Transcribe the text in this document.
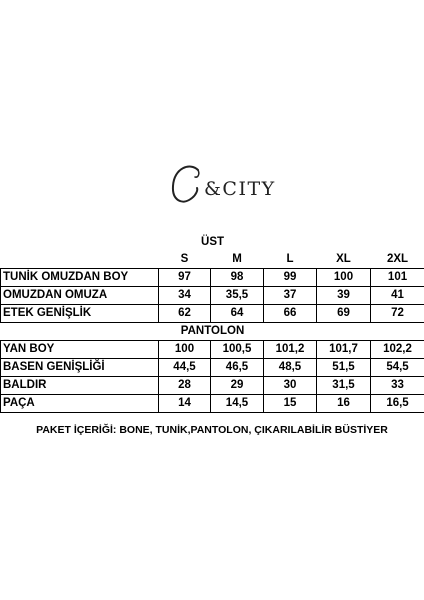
&CITY
ÜST					
	S	M	L	XL	2XL
TUNİK OMUZDAN BOY	97	98	99	100	101
OMUZDAN OMUZA	34	35,5	37	39	41
ETEK GENİŞLİK	62	64	66	69	72
PANTOLON					
YAN BOY	100	100,5	101,2	101,7	102,2
BASEN GENİŞLİĞİ	44,5	46,5	48,5	51,5	54,5
BALDIR	28	29	30	31,5	33
PAÇA	14	14,5	15	16	16,5
PAKET İÇERİĞİ: BONE, TUNİK,PANTOLON, ÇIKARILABİLİR BÜSTİYER
